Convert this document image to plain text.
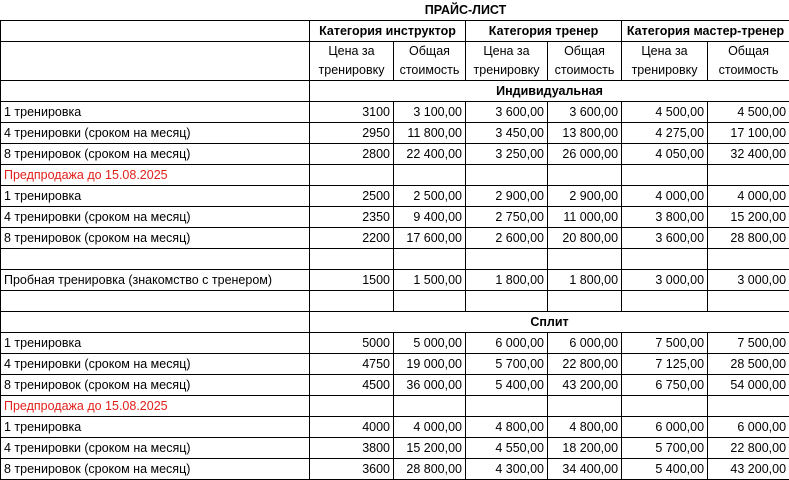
	ПРАЙС-ЛИСТ					
	Категория инструктор		Категория тренер		Категория мастер-тренер	
	Цена за	Общая	Цена за	Общая	Цена за	Общая
	тренировку	стоимость	тренировку	стоимость	тренировку	стоимость
	Индивидуальная					
1 тренировка	3100	3 100,00	3 600,00	3 600,00	4 500,00	4 500,00
4 тренировки (сроком на месяц)	2950	11 800,00	3 450,00	13 800,00	4 275,00	17 100,00
8 тренировок (сроком на месяц)	2800	22 400,00	3 250,00	26 000,00	4 050,00	32 400,00
Предпродажа до 15.08.2025						
1 тренировка	2500	2 500,00	2 900,00	2 900,00	4 000,00	4 000,00
4 тренировки (сроком на месяц)	2350	9 400,00	2 750,00	11 000,00	3 800,00	15 200,00
8 тренировок (сроком на месяц)	2200	17 600,00	2 600,00	20 800,00	3 600,00	28 800,00

Пробная тренировка (знакомство с тренером)	1500	1 500,00	1 800,00	1 800,00	3 000,00	3 000,00

	Сплит					
1 тренировка	5000	5 000,00	6 000,00	6 000,00	7 500,00	7 500,00
4 тренировки (сроком на месяц)	4750	19 000,00	5 700,00	22 800,00	7 125,00	28 500,00
8 тренировок (сроком на месяц)	4500	36 000,00	5 400,00	43 200,00	6 750,00	54 000,00
Предпродажа до 15.08.2025						
1 тренировка	4000	4 000,00	4 800,00	4 800,00	6 000,00	6 000,00
4 тренировки (сроком на месяц)	3800	15 200,00	4 550,00	18 200,00	5 700,00	22 800,00
8 тренировок (сроком на месяц)	3600	28 800,00	4 300,00	34 400,00	5 400,00	43 200,00
